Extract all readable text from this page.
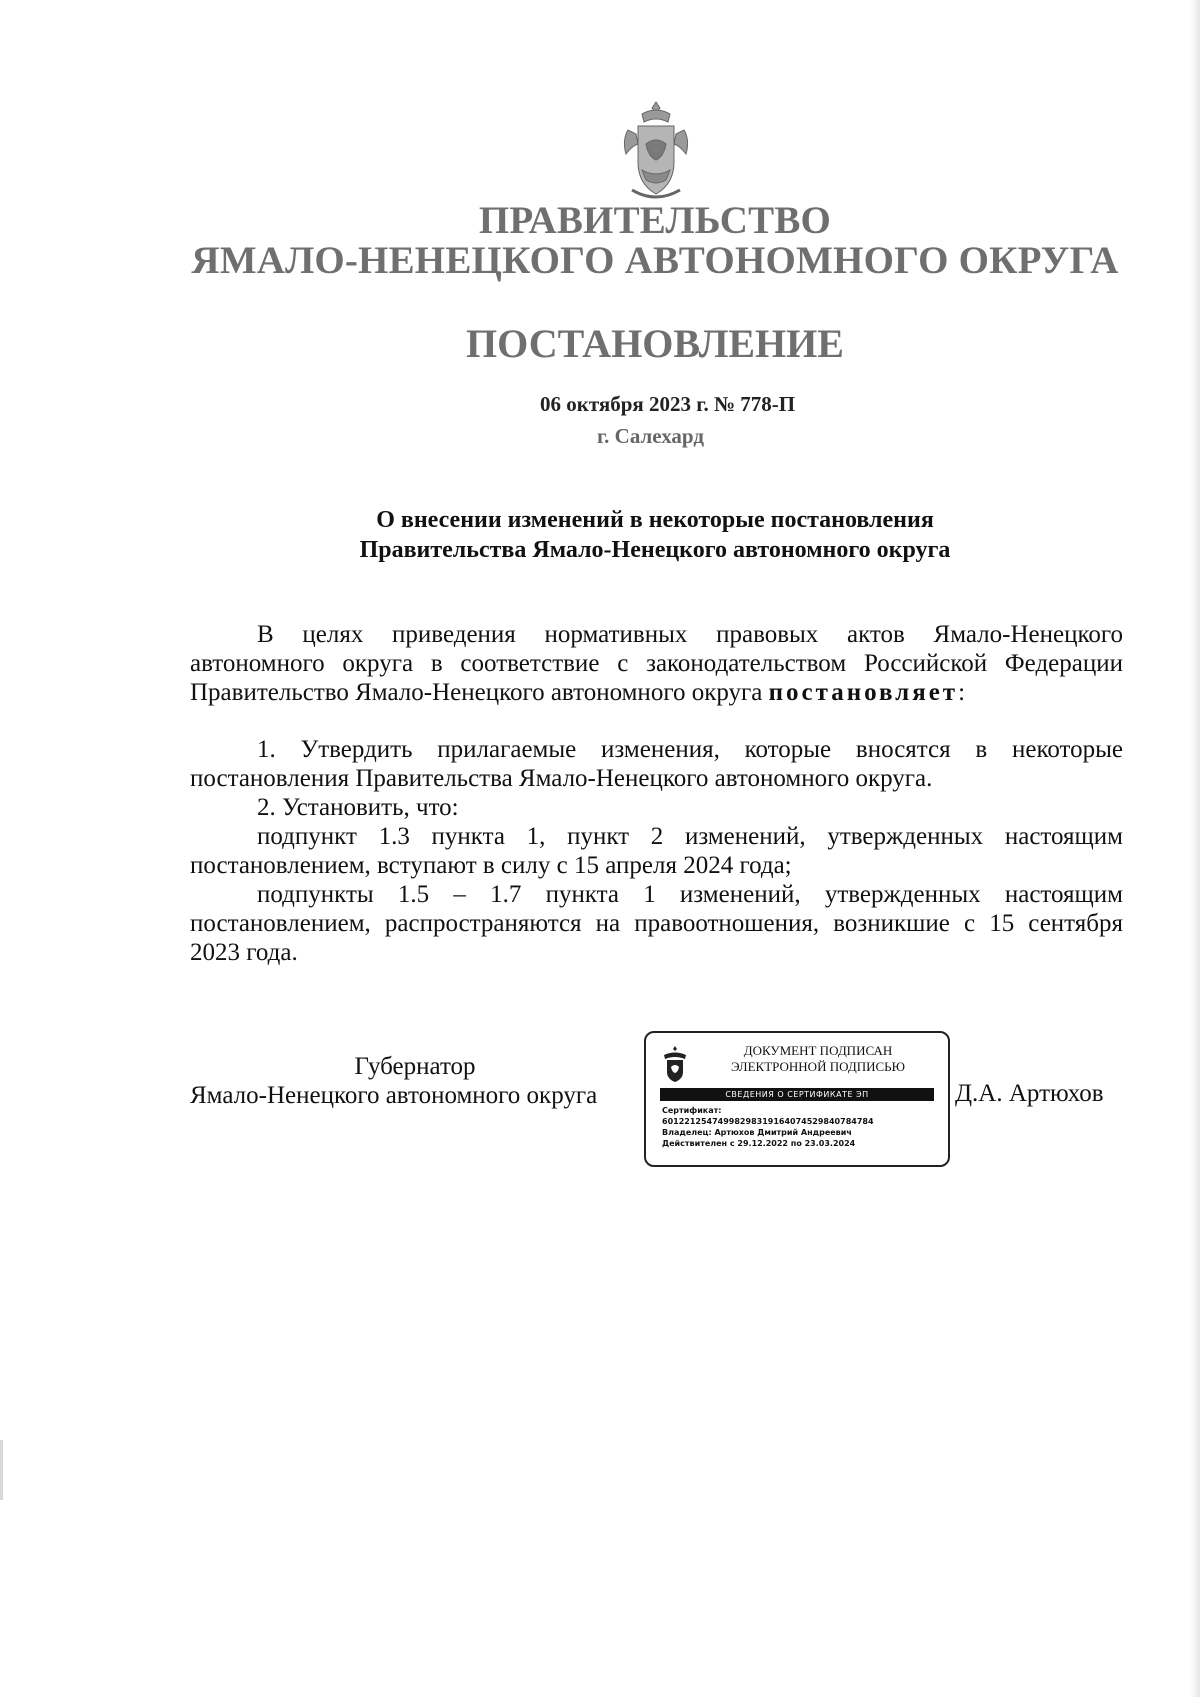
ПРАВИТЕЛЬСТВО
ЯМАЛО-НЕНЕЦКОГО АВТОНОМНОГО ОКРУГА
ПОСТАНОВЛЕНИЕ
06 октября 2023 г. № 778-П
г. Салехард
О внесении изменений в некоторые постановления
Правительства Ямало-Ненецкого автономного округа

В целях приведения нормативных правовых актов Ямало-Ненецкого автономного округа в соответствие с законодательством Российской Федерации Правительство Ямало-Ненецкого автономного округа постановляет:

1. Утвердить прилагаемые изменения, которые вносятся в некоторые постановления Правительства Ямало-Ненецкого автономного округа.

2. Установить, что:

подпункт 1.3 пункта 1, пункт 2 изменений, утвержденных настоящим постановлением, вступают в силу с 15 апреля 2024 года;

подпункты 1.5 – 1.7 пункта 1 изменений, утвержденных настоящим постановлением, распространяются на правоотношения, возникшие с 15 сентября 2023 года.

Губернатор
Ямало-Ненецкого автономного округа
ДОКУМЕНТ ПОДПИСАН
ЭЛЕКТРОННОЙ ПОДПИСЬЮ
СВЕДЕНИЯ О СЕРТИФИКАТЕ ЭП
Сертификат:
6012212547499829831916407452984078478​4
Владелец: Артюхов Дмитрий Андреевич
Действителен с 29.12.2022 по 23.03.2024
Д.А. Артюхов
